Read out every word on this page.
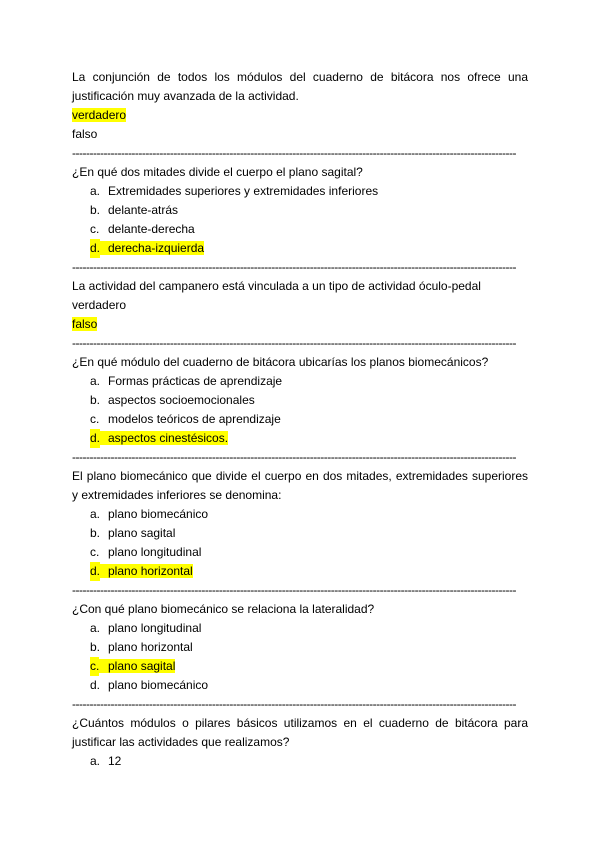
La conjunción de todos los módulos del cuaderno de bitácora nos ofrece una justificación muy avanzada de la actividad.

verdadero
falso
-------------------------------------------------------------------------------------------------------------------------------

¿En qué dos mitades divide el cuerpo el plano sagital?

a. Extremidades superiores y extremidades inferiores
b. delante-atrás
c. delante-derecha
d. derecha-izquierda
-------------------------------------------------------------------------------------------------------------------------------

La actividad del campanero está vinculada a un tipo de actividad óculo-pedal

verdadero
falso
-------------------------------------------------------------------------------------------------------------------------------

¿En qué módulo del cuaderno de bitácora ubicarías los planos biomecánicos?

a. Formas prácticas de aprendizaje
b. aspectos socioemocionales
c. modelos teóricos de aprendizaje
d. aspectos cinestésicos.
-------------------------------------------------------------------------------------------------------------------------------

El plano biomecánico que divide el cuerpo en dos mitades, extremidades superiores y extremidades inferiores se denomina:

a. plano biomecánico
b. plano sagital
c. plano longitudinal
d. plano horizontal
-------------------------------------------------------------------------------------------------------------------------------

¿Con qué plano biomecánico se relaciona la lateralidad?

a. plano longitudinal
b. plano horizontal
c. plano sagital
d. plano biomecánico
-------------------------------------------------------------------------------------------------------------------------------

¿Cuántos módulos o pilares básicos utilizamos en el cuaderno de bitácora para justificar las actividades que realizamos?

a. 12
